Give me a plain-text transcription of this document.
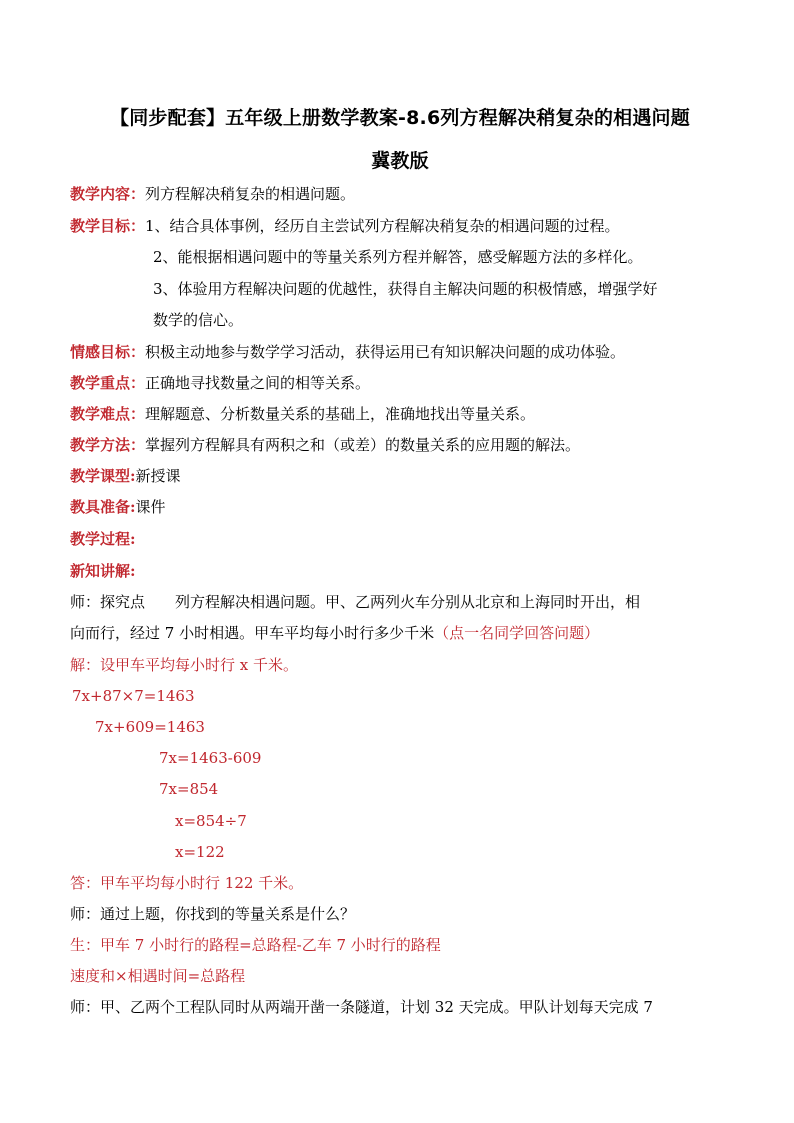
【同步配套】五年级上册数学教案-8.6列方程解决稍复杂的相遇问题
冀教版
教学内容：列方程解决稍复杂的相遇问题。
教学目标：1、结合具体事例，经历自主尝试列方程解决稍复杂的相遇问题的过程。
2、能根据相遇问题中的等量关系列方程并解答，感受解题方法的多样化。
3、体验用方程解决问题的优越性，获得自主解决问题的积极情感，增强学好
数学的信心。
情感目标：积极主动地参与数学学习活动，获得运用已有知识解决问题的成功体验。
教学重点：正确地寻找数量之间的相等关系。
教学难点：理解题意、分析数量关系的基础上，准确地找出等量关系。
教学方法：掌握列方程解具有两积之和（或差）的数量关系的应用题的解法。
教学课型:新授课
教具准备:课件
教学过程:
新知讲解:
师：探究点　　列方程解决相遇问题。甲、乙两列火车分别从北京和上海同时开出，相
向而行，经过 7 小时相遇。甲车平均每小时行多少千米（点一名同学回答问题）
解：设甲车平均每小时行 x 千米。
7x+87×7=1463
7x+609=1463
7x=1463-609
7x=854
x=854÷7
x=122
答：甲车平均每小时行 122 千米。
师：通过上题，你找到的等量关系是什么？
生：甲车 7 小时行的路程=总路程-乙车 7 小时行的路程
速度和×相遇时间=总路程
师：甲、乙两个工程队同时从两端开凿一条隧道，计划 32 天完成。甲队计划每天完成 7
